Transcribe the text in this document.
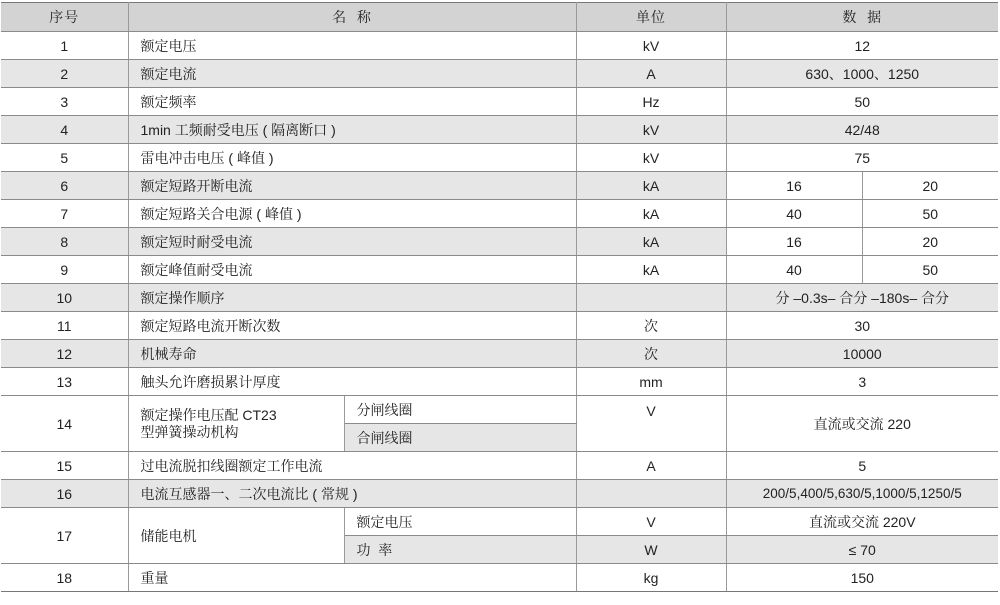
序号	名  称		单位	数  据	
1	额定电压		kV	12	
2	额定电流		A	630、1000、1250	
3	额定频率		Hz	50	
4	1min 工频耐受电压 ( 隔离断口 )		kV	42/48	
5	雷电冲击电压 ( 峰值 )		kV	75	
6	额定短路开断电流		kA	16	20
7	额定短路关合电源 ( 峰值 )		kA	40	50
8	额定短时耐受电流		kA	16	20
9	额定峰值耐受电流		kA	40	50
10	额定操作顺序			分 –0.3s– 合分 –180s– 合分	
11	额定短路电流开断次数		次	30	
12	机械寿命		次	10000	
13	触头允许磨损累计厚度		mm	3	
14	额定操作电压配 CT23
型弹簧操动机构	分闸线圈	V	直流或交流 220	
		合闸线圈			
15	过电流脱扣线圈额定工作电流		A	5	
16	电流互感器一、二次电流比 ( 常规 )			200/5,400/5,630/5,1000/5,1250/5	
17	储能电机	额定电压	V	直流或交流 220V	
		功  率	W	≤ 70	
18	重量		kg	150	
